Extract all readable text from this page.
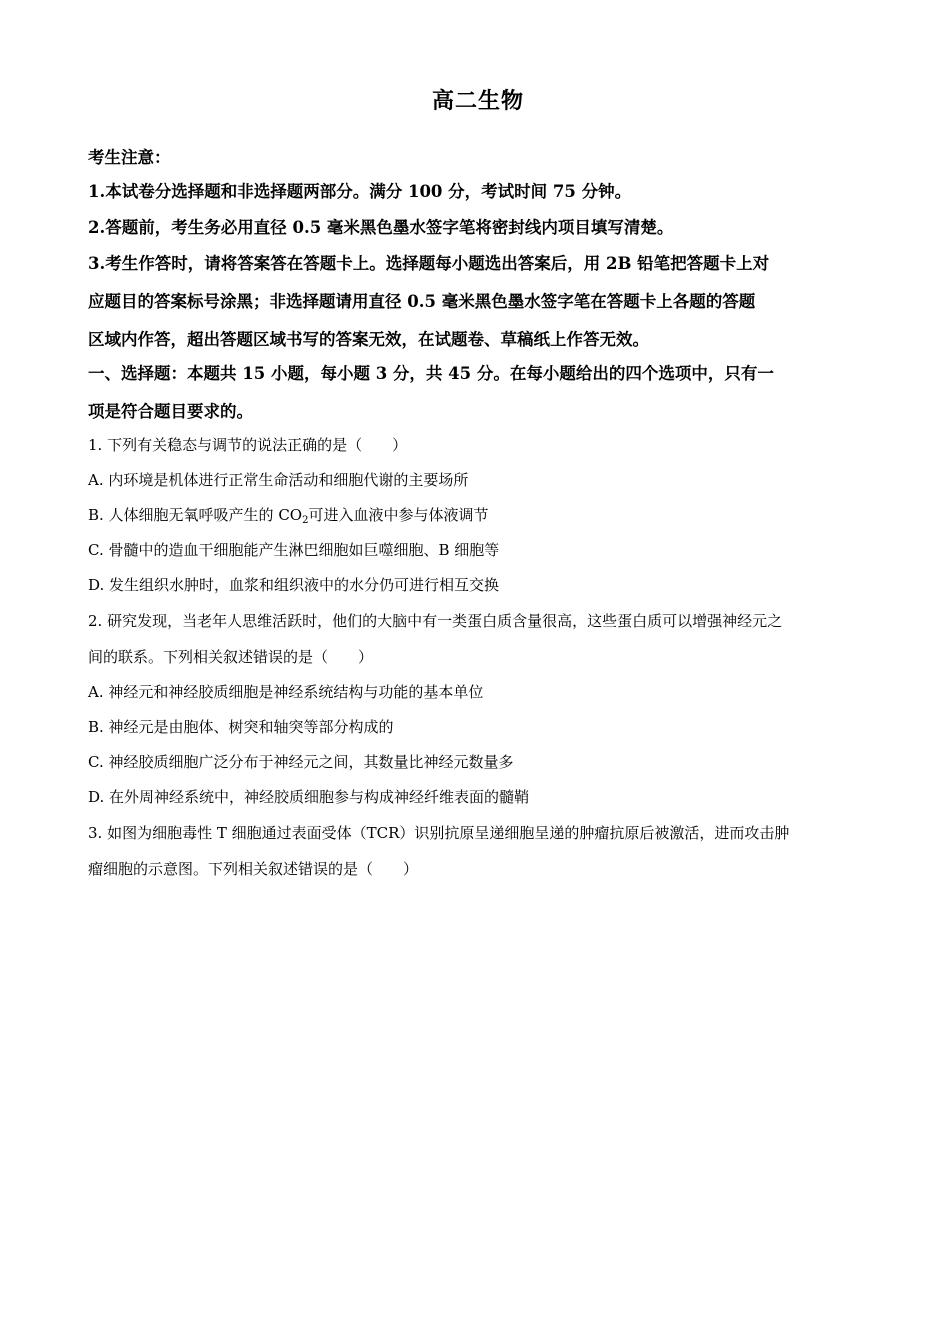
高二生物
考生注意：
1.本试卷分选择题和非选择题两部分。满分 100 分，考试时间 75 分钟。
2.答题前，考生务必用直径 0.5 毫米黑色墨水签字笔将密封线内项目填写清楚。
3.考生作答时，请将答案答在答题卡上。选择题每小题选出答案后，用 2B 铅笔把答题卡上对
应题目的答案标号涂黑；非选择题请用直径 0.5 毫米黑色墨水签字笔在答题卡上各题的答题
区域内作答，超出答题区域书写的答案无效，在试题卷、草稿纸上作答无效。
一、选择题：本题共 15 小题，每小题 3 分，共 45 分。在每小题给出的四个选项中，只有一
项是符合题目要求的。
1. 下列有关稳态与调节的说法正确的是（　　）
A. 内环境是机体进行正常生命活动和细胞代谢的主要场所
B. 人体细胞无氧呼吸产生的 $CO_2$可进入血液中参与体液调节
C. 骨髓中的造血干细胞能产生淋巴细胞如巨噬细胞、B 细胞等
D. 发生组织水肿时，血浆和组织液中的水分仍可进行相互交换
2. 研究发现，当老年人思维活跃时，他们的大脑中有一类蛋白质含量很高，这些蛋白质可以增强神经元之
间的联系。下列相关叙述错误的是（　　）
A. 神经元和神经胶质细胞是神经系统结构与功能的基本单位
B. 神经元是由胞体、树突和轴突等部分构成的
C. 神经胶质细胞广泛分布于神经元之间，其数量比神经元数量多
D. 在外周神经系统中，神经胶质细胞参与构成神经纤维表面的髓鞘
3. 如图为细胞毒性 T 细胞通过表面受体（TCR）识别抗原呈递细胞呈递的肿瘤抗原后被激活，进而攻击肿
瘤细胞的示意图。下列相关叙述错误的是（　　）
